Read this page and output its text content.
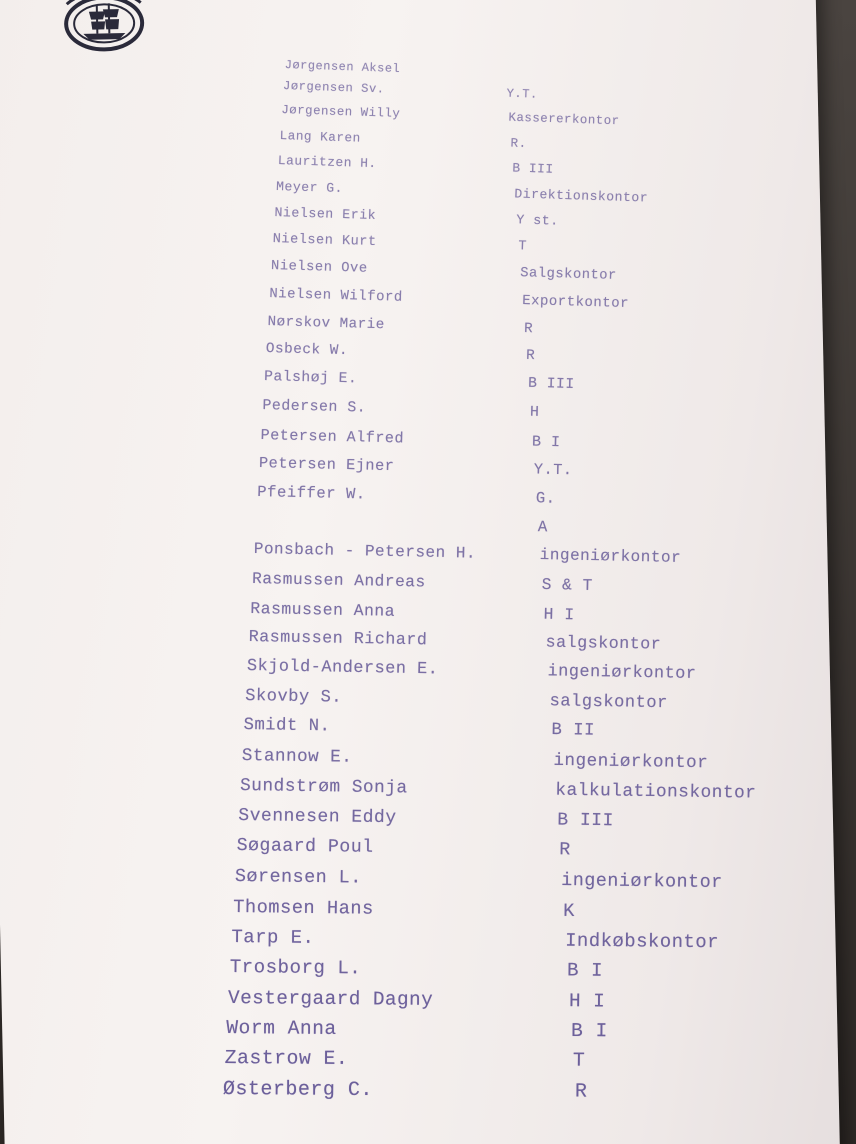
Jørgensen Aksel
Jørgensen Sv.	Y.T.
Jørgensen Willy	Kassererkontor
Lang Karen	R.
Lauritzen H.	B III
Meyer G.	Direktionskontor
Nielsen Erik	Y st.
Nielsen Kurt	T
Nielsen Ove	Salgskontor
Nielsen Wilford	Exportkontor
Nørskov Marie	R
Osbeck W.	R
Palshøj E.	B III
Pedersen S.	H
Petersen Alfred	B I
Petersen Ejner	Y.T.
Pfeiffer W.	G.
A
Ponsbach - Petersen H.	ingeniørkontor
Rasmussen Andreas	S & T
Rasmussen Anna	H I
Rasmussen Richard	salgskontor
Skjold-Andersen E.	ingeniørkontor
Skovby S.	salgskontor
Smidt N.	B II
Stannow E.	ingeniørkontor
Sundstrøm Sonja	kalkulationskontor
Svennesen Eddy	B III
Søgaard Poul	R
Sørensen L.	ingeniørkontor
Thomsen Hans	K
Tarp E.	Indkøbskontor
Trosborg L.	B I
Vestergaard Dagny	H I
Worm Anna	B I
Zastrow E.	T
Østerberg C.	R
